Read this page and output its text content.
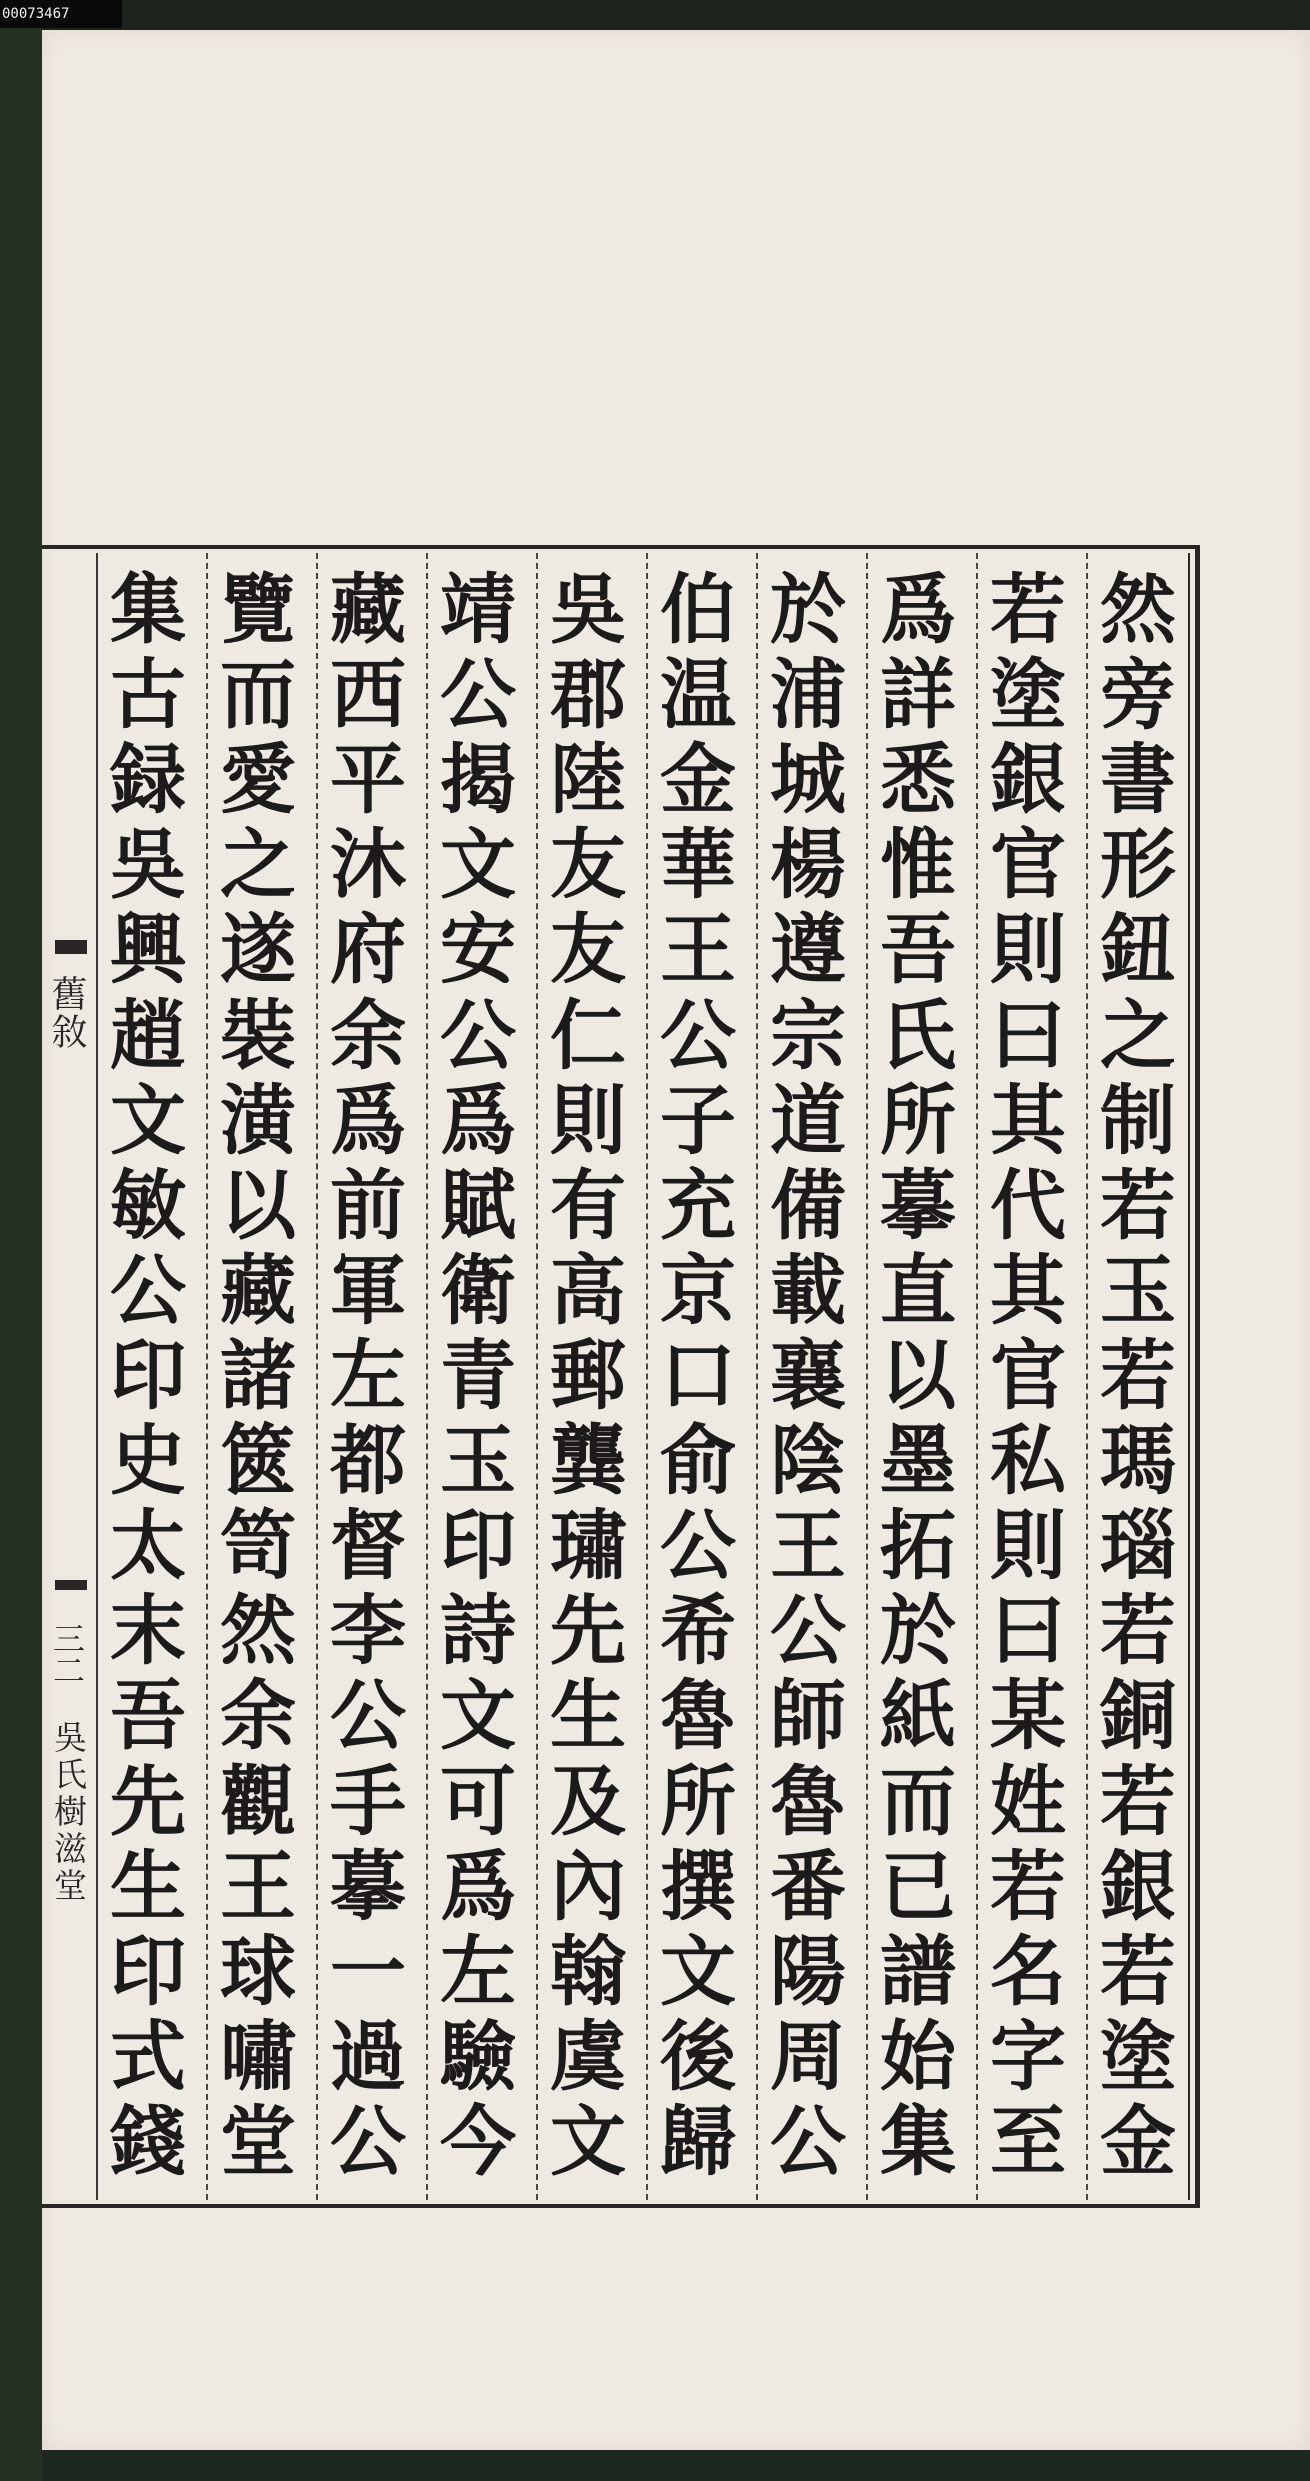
00073467
舊敘
三二
吳氏樹滋堂
然
旁
書
形
鈕
之
制
若
玉
若
瑪
瑙
若
銅
若
銀
若
塗
金
若
塗
銀
官
則
曰
其
代
其
官
私
則
曰
某
姓
若
名
字
至
爲
詳
悉
惟
吾
氏
所
摹
直
以
墨
拓
於
紙
而
已
譜
始
集
於
浦
城
楊
遵
宗
道
備
載
襄
陰
王
公
師
魯
番
陽
周
公
伯
温
金
華
王
公
子
充
京
口
俞
公
希
魯
所
撰
文
後
歸
吳
郡
陸
友
友
仁
則
有
高
郵
龔
璛
先
生
及
內
翰
虞
文
靖
公
揭
文
安
公
爲
賦
衛
青
玉
印
詩
文
可
爲
左
驗
今
藏
西
平
沐
府
余
爲
前
軍
左
都
督
李
公
手
摹
一
過
公
覽
而
愛
之
遂
裝
潢
以
藏
諸
篋
笥
然
余
觀
王
球
嘯
堂
集
古
録
吳
興
趙
文
敏
公
印
史
太
末
吾
先
生
印
式
錢
